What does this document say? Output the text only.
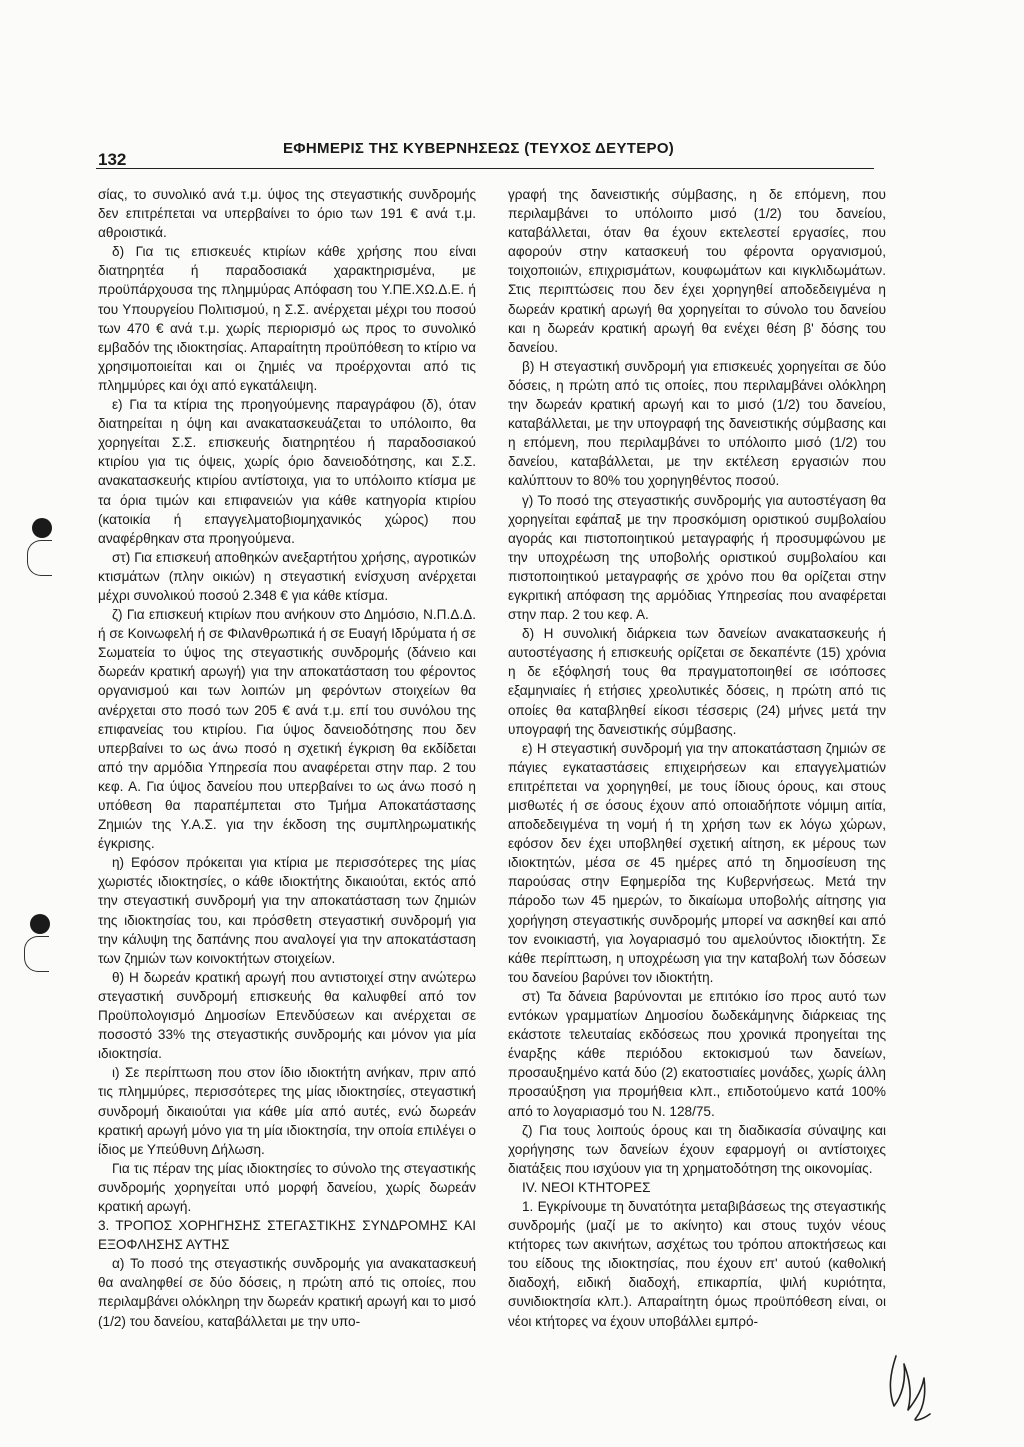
132
ΕΦΗΜΕΡΙΣ ΤΗΣ ΚΥΒΕΡΝΗΣΕΩΣ (ΤΕΥΧΟΣ ΔΕΥΤΕΡΟ)

σίας, το συνολικό ανά τ.μ. ύψος της στεγαστικής συνδρομής δεν επιτρέπεται να υπερβαίνει το όριο των 191 € ανά τ.μ. αθροιστικά.

δ) Για τις επισκευές κτιρίων κάθε χρήσης που είναι διατηρητέα ή παραδοσιακά χαρακτηρισμένα, με προϋπάρχουσα της πλημμύρας Απόφαση του Υ.ΠΕ.ΧΩ.Δ.Ε. ή του Υπουργείου Πολιτισμού, η Σ.Σ. ανέρχεται μέχρι του ποσού των 470 € ανά τ.μ. χωρίς περιορισμό ως προς το συνολικό εμβαδόν της ιδιοκτησίας. Απαραίτητη προϋπόθεση το κτίριο να χρησιμοποιείται και οι ζημιές να προέρχονται από τις πλημμύρες και όχι από εγκατάλειψη.

ε) Για τα κτίρια της προηγούμενης παραγράφου (δ), όταν διατηρείται η όψη και ανακατασκευάζεται το υπόλοιπο, θα χορηγείται Σ.Σ. επισκευής διατηρητέου ή παραδοσιακού κτιρίου για τις όψεις, χωρίς όριο δανειοδότησης, και Σ.Σ. ανακατασκευής κτιρίου αντίστοιχα, για το υπόλοιπο κτίσμα με τα όρια τιμών και επιφανειών για κάθε κατηγορία κτιρίου (κατοικία ή επαγγελματοβιομηχανικός χώρος) που αναφέρθηκαν στα προηγούμενα.

στ) Για επισκευή αποθηκών ανεξαρτήτου χρήσης, αγροτικών κτισμάτων (πλην οικιών) η στεγαστική ενίσχυση ανέρχεται μέχρι συνολικού ποσού 2.348 € για κάθε κτίσμα.

ζ) Για επισκευή κτιρίων που ανήκουν στο Δημόσιο, Ν.Π.Δ.Δ. ή σε Κοινωφελή ή σε Φιλανθρωπικά ή σε Ευαγή Ιδρύματα ή σε Σωματεία το ύψος της στεγαστικής συνδρομής (δάνειο και δωρεάν κρατική αρωγή) για την αποκατάσταση του φέροντος οργανισμού και των λοιπών μη φερόντων στοιχείων θα ανέρχεται στο ποσό των 205 € ανά τ.μ. επί του συνόλου της επιφανείας του κτιρίου. Για ύψος δανειοδότησης που δεν υπερβαίνει το ως άνω ποσό η σχετική έγκριση θα εκδίδεται από την αρμόδια Υπηρεσία που αναφέρεται στην παρ. 2 του κεφ. Α. Για ύψος δανείου που υπερβαίνει το ως άνω ποσό η υπόθεση θα παραπέμπεται στο Τμήμα Αποκατάστασης Ζημιών της Υ.Α.Σ. για την έκδοση της συμπληρωματικής έγκρισης.

η) Εφόσον πρόκειται για κτίρια με περισσότερες της μίας χωριστές ιδιοκτησίες, ο κάθε ιδιοκτήτης δικαιούται, εκτός από την στεγαστική συνδρομή για την αποκατάσταση των ζημιών της ιδιοκτησίας του, και πρόσθετη στεγαστική συνδρομή για την κάλυψη της δαπάνης που αναλογεί για την αποκατάσταση των ζημιών των κοινοκτήτων στοιχείων.

θ) Η δωρεάν κρατική αρωγή που αντιστοιχεί στην ανώτερω στεγαστική συνδρομή επισκευής θα καλυφθεί από τον Προϋπολογισμό Δημοσίων Επενδύσεων και ανέρχεται σε ποσοστό 33% της στεγαστικής συνδρομής και μόνον για μία ιδιοκτησία.

ι) Σε περίπτωση που στον ίδιο ιδιοκτήτη ανήκαν, πριν από τις πλημμύρες, περισσότερες της μίας ιδιοκτησίες, στεγαστική συνδρομή δικαιούται για κάθε μία από αυτές, ενώ δωρεάν κρατική αρωγή μόνο για τη μία ιδιοκτησία, την οποία επιλέγει ο ίδιος με Υπεύθυνη Δήλωση.

Για τις πέραν της μίας ιδιοκτησίες το σύνολο της στεγαστικής συνδρομής χορηγείται υπό μορφή δανείου, χωρίς δωρεάν κρατική αρωγή.

3. ΤΡΟΠΟΣ ΧΟΡΗΓΗΣΗΣ ΣΤΕΓΑΣΤΙΚΗΣ ΣΥΝΔΡΟΜΗΣ ΚΑΙ ΕΞΟΦΛΗΣΗΣ ΑΥΤΗΣ

α) Το ποσό της στεγαστικής συνδρομής για ανακατασκευή θα αναληφθεί σε δύο δόσεις, η πρώτη από τις οποίες, που περιλαμβάνει ολόκληρη την δωρεάν κρατική αρωγή και το μισό (1/2) του δανείου, καταβάλλεται με την υπο-

γραφή της δανειστικής σύμβασης, η δε επόμενη, που περιλαμβάνει το υπόλοιπο μισό (1/2) του δανείου, καταβάλλεται, όταν θα έχουν εκτελεστεί εργασίες, που αφορούν στην κατασκευή του φέροντα οργανισμού, τοιχοποιιών, επιχρισμάτων, κουφωμάτων και κιγκλιδωμάτων. Στις περιπτώσεις που δεν έχει χορηγηθεί αποδεδειγμένα η δωρεάν κρατική αρωγή θα χορηγείται το σύνολο του δανείου και η δωρεάν κρατική αρωγή θα ενέχει θέση β' δόσης του δανείου.

β) Η στεγαστική συνδρομή για επισκευές χορηγείται σε δύο δόσεις, η πρώτη από τις οποίες, που περιλαμβάνει ολόκληρη την δωρεάν κρατική αρωγή και το μισό (1/2) του δανείου, καταβάλλεται, με την υπογραφή της δανειστικής σύμβασης και η επόμενη, που περιλαμβάνει το υπόλοιπο μισό (1/2) του δανείου, καταβάλλεται, με την εκτέλεση εργασιών που καλύπτουν το 80% του χορηγηθέντος ποσού.

γ) Το ποσό της στεγαστικής συνδρομής για αυτοστέγαση θα χορηγείται εφάπαξ με την προσκόμιση οριστικού συμβολαίου αγοράς και πιστοποιητικού μεταγραφής ή προσυμφώνου με την υποχρέωση της υποβολής οριστικού συμβολαίου και πιστοποιητικού μεταγραφής σε χρόνο που θα ορίζεται στην εγκριτική απόφαση της αρμόδιας Υπηρεσίας που αναφέρεται στην παρ. 2 του κεφ. Α.

δ) Η συνολική διάρκεια των δανείων ανακατασκευής ή αυτοστέγασης ή επισκευής ορίζεται σε δεκαπέντε (15) χρόνια η δε εξόφλησή τους θα πραγματοποιηθεί σε ισόποσες εξαμηνιαίες ή ετήσιες χρεολυτικές δόσεις, η πρώτη από τις οποίες θα καταβληθεί είκοσι τέσσερις (24) μήνες μετά την υπογραφή της δανειστικής σύμβασης.

ε) Η στεγαστική συνδρομή για την αποκατάσταση ζημιών σε πάγιες εγκαταστάσεις επιχειρήσεων και επαγγελματιών επιτρέπεται να χορηγηθεί, με τους ίδιους όρους, και στους μισθωτές ή σε όσους έχουν από οποιαδήποτε νόμιμη αιτία, αποδεδειγμένα τη νομή ή τη χρήση των εκ λόγω χώρων, εφόσον δεν έχει υποβληθεί σχετική αίτηση, εκ μέρους των ιδιοκτητών, μέσα σε 45 ημέρες από τη δημοσίευση της παρούσας στην Εφημερίδα της Κυβερνήσεως. Μετά την πάροδο των 45 ημερών, το δικαίωμα υποβολής αίτησης για χορήγηση στεγαστικής συνδρομής μπορεί να ασκηθεί και από τον ενοικιαστή, για λογαριασμό του αμελούντος ιδιοκτήτη. Σε κάθε περίπτωση, η υποχρέωση για την καταβολή των δόσεων του δανείου βαρύνει τον ιδιοκτήτη.

στ) Τα δάνεια βαρύνονται με επιτόκιο ίσο προς αυτό των εντόκων γραμματίων Δημοσίου δωδεκάμηνης διάρκειας της εκάστοτε τελευταίας εκδόσεως που χρονικά προηγείται της έναρξης κάθε περιόδου εκτοκισμού των δανείων, προσαυξημένο κατά δύο (2) εκατοστιαίες μονάδες, χωρίς άλλη προσαύξηση για προμήθεια κλπ., επιδοτούμενο κατά 100% από το λογαριασμό του Ν. 128/75.

ζ) Για τους λοιπούς όρους και τη διαδικασία σύναψης και χορήγησης των δανείων έχουν εφαρμογή οι αντίστοιχες διατάξεις που ισχύουν για τη χρηματοδότηση της οικονομίας.

IV. ΝΕΟΙ ΚΤΗΤΟΡΕΣ

1. Εγκρίνουμε τη δυνατότητα μεταβιβάσεως της στεγαστικής συνδρομής (μαζί με το ακίνητο) και στους τυχόν νέους κτήτορες των ακινήτων, ασχέτως του τρόπου αποκτήσεως και του είδους της ιδιοκτησίας, που έχουν επ' αυτού (καθολική διαδοχή, ειδική διαδοχή, επικαρπία, ψιλή κυριότητα, συνιδιοκτησία κλπ.). Απαραίτητη όμως προϋπόθεση είναι, οι νέοι κτήτορες να έχουν υποβάλλει εμπρό-
